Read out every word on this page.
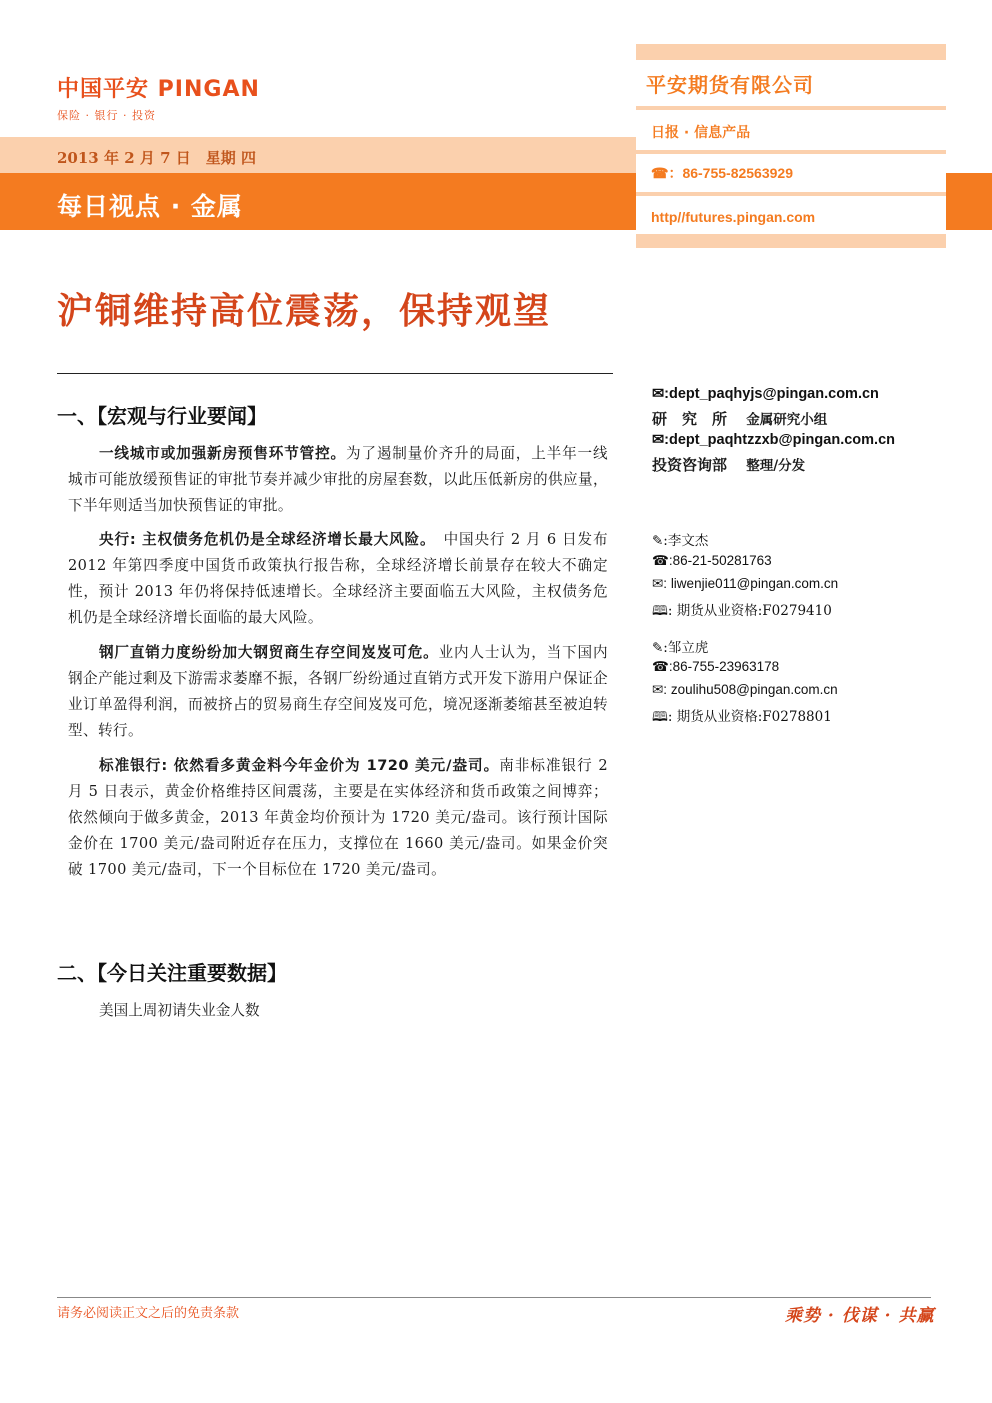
中国平安 PINGAN
保险 · 银行 · 投资
2013 年 2 月 7 日　星期 四
每日视点 · 金属
平安期货有限公司
日报 · 信息产品
☎：86-755-82563929
http//futures.pingan.com
沪铜维持高位震荡，保持观望
一、【宏观与行业要闻】
一线城市或加强新房预售环节管控。为了遏制量价齐升的局面，上半年一线城市可能放缓预售证的审批节奏并减少审批的房屋套数，以此压低新房的供应量，下半年则适当加快预售证的审批。
央行: 主权债务危机仍是全球经济增长最大风险。　中国央行 2 月 6 日发布 2012 年第四季度中国货币政策执行报告称，全球经济增长前景存在较大不确定性，预计 2013 年仍将保持低速增长。全球经济主要面临五大风险，主权债务危机仍是全球经济增长面临的最大风险。
钢厂直销力度纷纷加大钢贸商生存空间岌岌可危。业内人士认为，当下国内钢企产能过剩及下游需求萎靡不振，各钢厂纷纷通过直销方式开发下游用户保证企业订单盈得利润，而被挤占的贸易商生存空间岌岌可危，境况逐渐萎缩甚至被迫转型、转行。
标准银行: 依然看多黄金料今年金价为 1720 美元/盎司。南非标准银行 2 月 5 日表示，黄金价格维持区间震荡，主要是在实体经济和货币政策之间博弈；依然倾向于做多黄金，2013 年黄金均价预计为 1720 美元/盎司。该行预计国际金价在 1700 美元/盎司附近存在压力，支撑位在 1660 美元/盎司。如果金价突破 1700 美元/盎司，下一个目标位在 1720 美元/盎司。
二、【今日关注重要数据】
美国上周初请失业金人数
✉:dept_paqhyjs@pingan.com.cn
研　究　所 金属研究小组
✉:dept_paqhtzzxb@pingan.com.cn
投资咨询部 整理/分发
✎:李文杰
☎:86-21-50281763
✉: liwenjie011@pingan.com.cn
🕮: 期货从业资格:F0279410
✎:邹立虎
☎:86-755-23963178
✉: zoulihu508@pingan.com.cn
🕮: 期货从业资格:F0278801
请务必阅读正文之后的免责条款	乘势 · 伐谋 · 共赢
